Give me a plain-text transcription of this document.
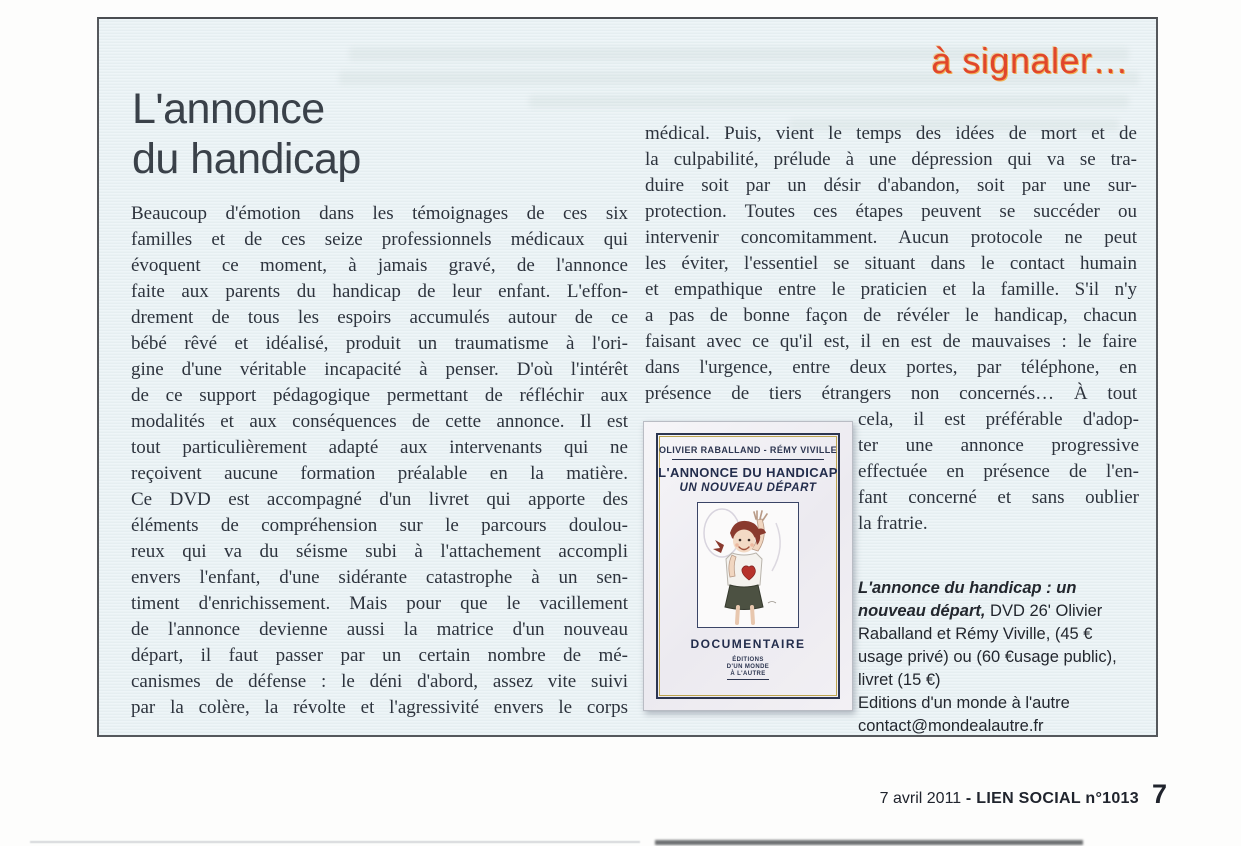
à signaler…
L'annonce
du handicap
Beaucoup d'émotion dans les témoignages de ces six
familles et de ces seize professionnels médicaux qui
évoquent ce moment, à jamais gravé, de l'annonce
faite aux parents du handicap de leur enfant. L'effon-
drement de tous les espoirs accumulés autour de ce
bébé rêvé et idéalisé, produit un traumatisme à l'ori-
gine d'une véritable incapacité à penser. D'où l'intérêt
de ce support pédagogique permettant de réfléchir aux
modalités et aux conséquences de cette annonce. Il est
tout particulièrement adapté aux intervenants qui ne
reçoivent aucune formation préalable en la matière.
Ce DVD est accompagné d'un livret qui apporte des
éléments de compréhension sur le parcours doulou-
reux qui va du séisme subi à l'attachement accompli
envers l'enfant, d'une sidérante catastrophe à un sen-
timent d'enrichissement. Mais pour que le vacillement
de l'annonce devienne aussi la matrice d'un nouveau
départ, il faut passer par un certain nombre de mé-
canismes de défense : le déni d'abord, assez vite suivi
par la colère, la révolte et l'agressivité envers le corps
médical. Puis, vient le temps des idées de mort et de
la culpabilité, prélude à une dépression qui va se tra-
duire soit par un désir d'abandon, soit par une sur-
protection. Toutes ces étapes peuvent se succéder ou
intervenir concomitamment. Aucun protocole ne peut
les éviter, l'essentiel se situant dans le contact humain
et empathique entre le praticien et la famille. S'il n'y
a pas de bonne façon de révéler le handicap, chacun
faisant avec ce qu'il est, il en est de mauvaises : le faire
dans l'urgence, entre deux portes, par téléphone, en
présence de tiers étrangers non concernés… À tout
cela, il est préférable d'adop-
ter une annonce progressive
effectuée en présence de l'en-
fant concerné et sans oublier
la fratrie.
OLIVIER RABALLAND - RÉMY VIVILLE
L'ANNONCE DU HANDICAP
UN NOUVEAU DÉPART
DOCUMENTAIRE
ÉDITIONS
D'UN MONDE
À L'AUTRE
L'annonce du handicap : un nouveau départ, DVD 26' Olivier Raballand et Rémy Viville, (45 € usage privé) ou (60 €usage public), livret (15 €)
Editions d'un monde à l'autre
contact@mondealautre.fr
7 avril 2011 - LIEN SOCIAL n°1013 7
